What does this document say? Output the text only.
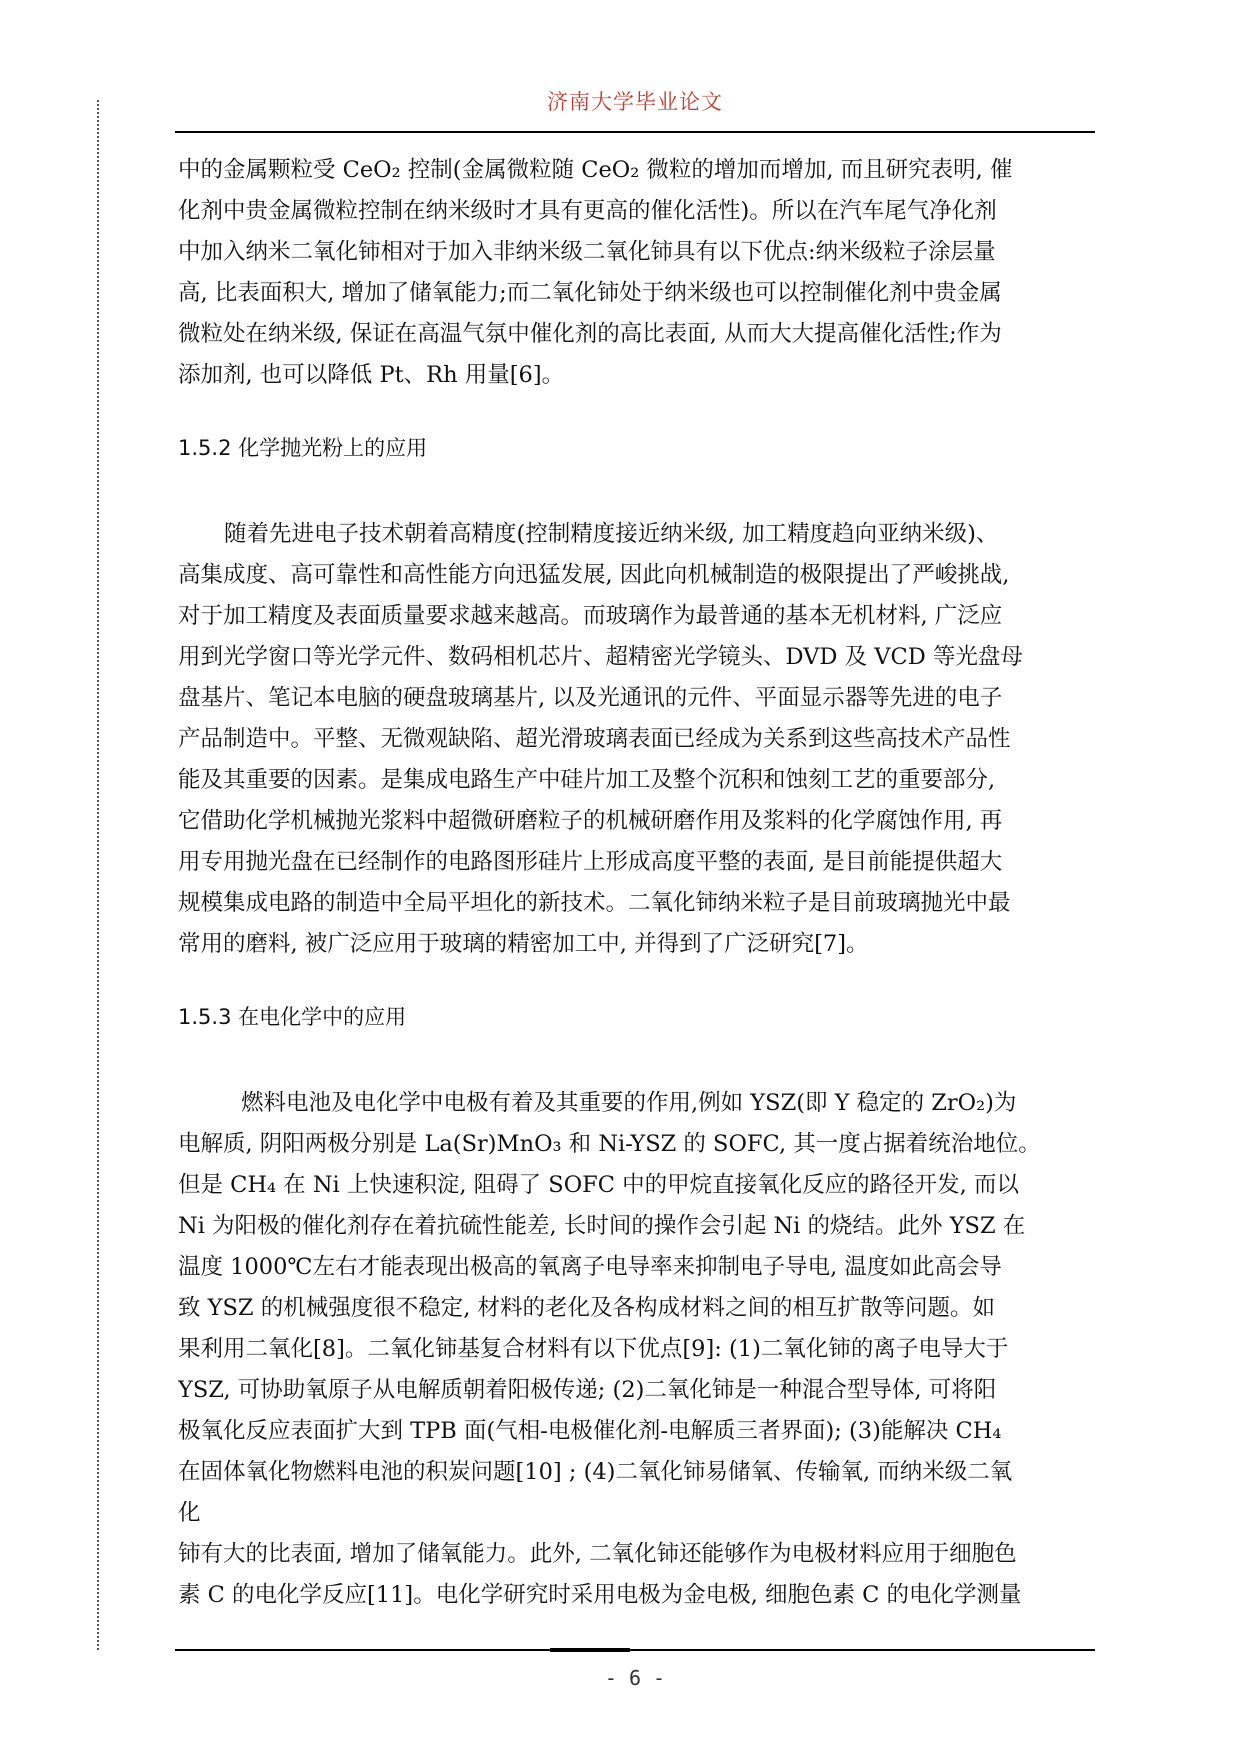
济南大学毕业论文
中的金属颗粒受 CeO₂ 控制(金属微粒随 CeO₂ 微粒的增加而增加, 而且研究表明, 催
化剂中贵金属微粒控制在纳米级时才具有更高的催化活性)。所以在汽车尾气净化剂
中加入纳米二氧化铈相对于加入非纳米级二氧化铈具有以下优点:纳米级粒子涂层量
高, 比表面积大, 增加了储氧能力;而二氧化铈处于纳米级也可以控制催化剂中贵金属
微粒处在纳米级, 保证在高温气氛中催化剂的高比表面, 从而大大提高催化活性;作为
添加剂, 也可以降低 Pt、Rh 用量[6]。
1.5.2 化学抛光粉上的应用
随着先进电子技术朝着高精度(控制精度接近纳米级, 加工精度趋向亚纳米级)、
高集成度、高可靠性和高性能方向迅猛发展, 因此向机械制造的极限提出了严峻挑战,
对于加工精度及表面质量要求越来越高。而玻璃作为最普通的基本无机材料, 广泛应
用到光学窗口等光学元件、数码相机芯片、超精密光学镜头、DVD 及 VCD 等光盘母
盘基片、笔记本电脑的硬盘玻璃基片, 以及光通讯的元件、平面显示器等先进的电子
产品制造中。平整、无微观缺陷、超光滑玻璃表面已经成为关系到这些高技术产品性
能及其重要的因素。是集成电路生产中硅片加工及整个沉积和蚀刻工艺的重要部分,
它借助化学机械抛光浆料中超微研磨粒子的机械研磨作用及浆料的化学腐蚀作用, 再
用专用抛光盘在已经制作的电路图形硅片上形成高度平整的表面, 是目前能提供超大
规模集成电路的制造中全局平坦化的新技术。二氧化铈纳米粒子是目前玻璃抛光中最
常用的磨料, 被广泛应用于玻璃的精密加工中, 并得到了广泛研究[7]。
1.5.3 在电化学中的应用
燃料电池及电化学中电极有着及其重要的作用,例如 YSZ(即 Y 稳定的 ZrO₂)为
电解质, 阴阳两极分别是 La(Sr)MnO₃ 和 Ni-YSZ 的 SOFC, 其一度占据着统治地位。
但是 CH₄ 在 Ni 上快速积淀, 阻碍了 SOFC 中的甲烷直接氧化反应的路径开发, 而以
Ni 为阳极的催化剂存在着抗硫性能差, 长时间的操作会引起 Ni 的烧结。此外 YSZ 在
温度 1000℃左右才能表现出极高的氧离子电导率来抑制电子导电, 温度如此高会导
致 YSZ 的机械强度很不稳定, 材料的老化及各构成材料之间的相互扩散等问题。如
果利用二氧化[8]。二氧化铈基复合材料有以下优点[9]: (1)二氧化铈的离子电导大于
YSZ, 可协助氧原子从电解质朝着阳极传递; (2)二氧化铈是一种混合型导体, 可将阳
极氧化反应表面扩大到 TPB 面(气相-电极催化剂-电解质三者界面); (3)能解决 CH₄
在固体氧化物燃料电池的积炭问题[10] ; (4)二氧化铈易储氧、传输氧, 而纳米级二氧
化
铈有大的比表面, 增加了储氧能力。此外, 二氧化铈还能够作为电极材料应用于细胞色
素 C 的电化学反应[11]。电化学研究时采用电极为金电极, 细胞色素 C 的电化学测量
- 6 -
